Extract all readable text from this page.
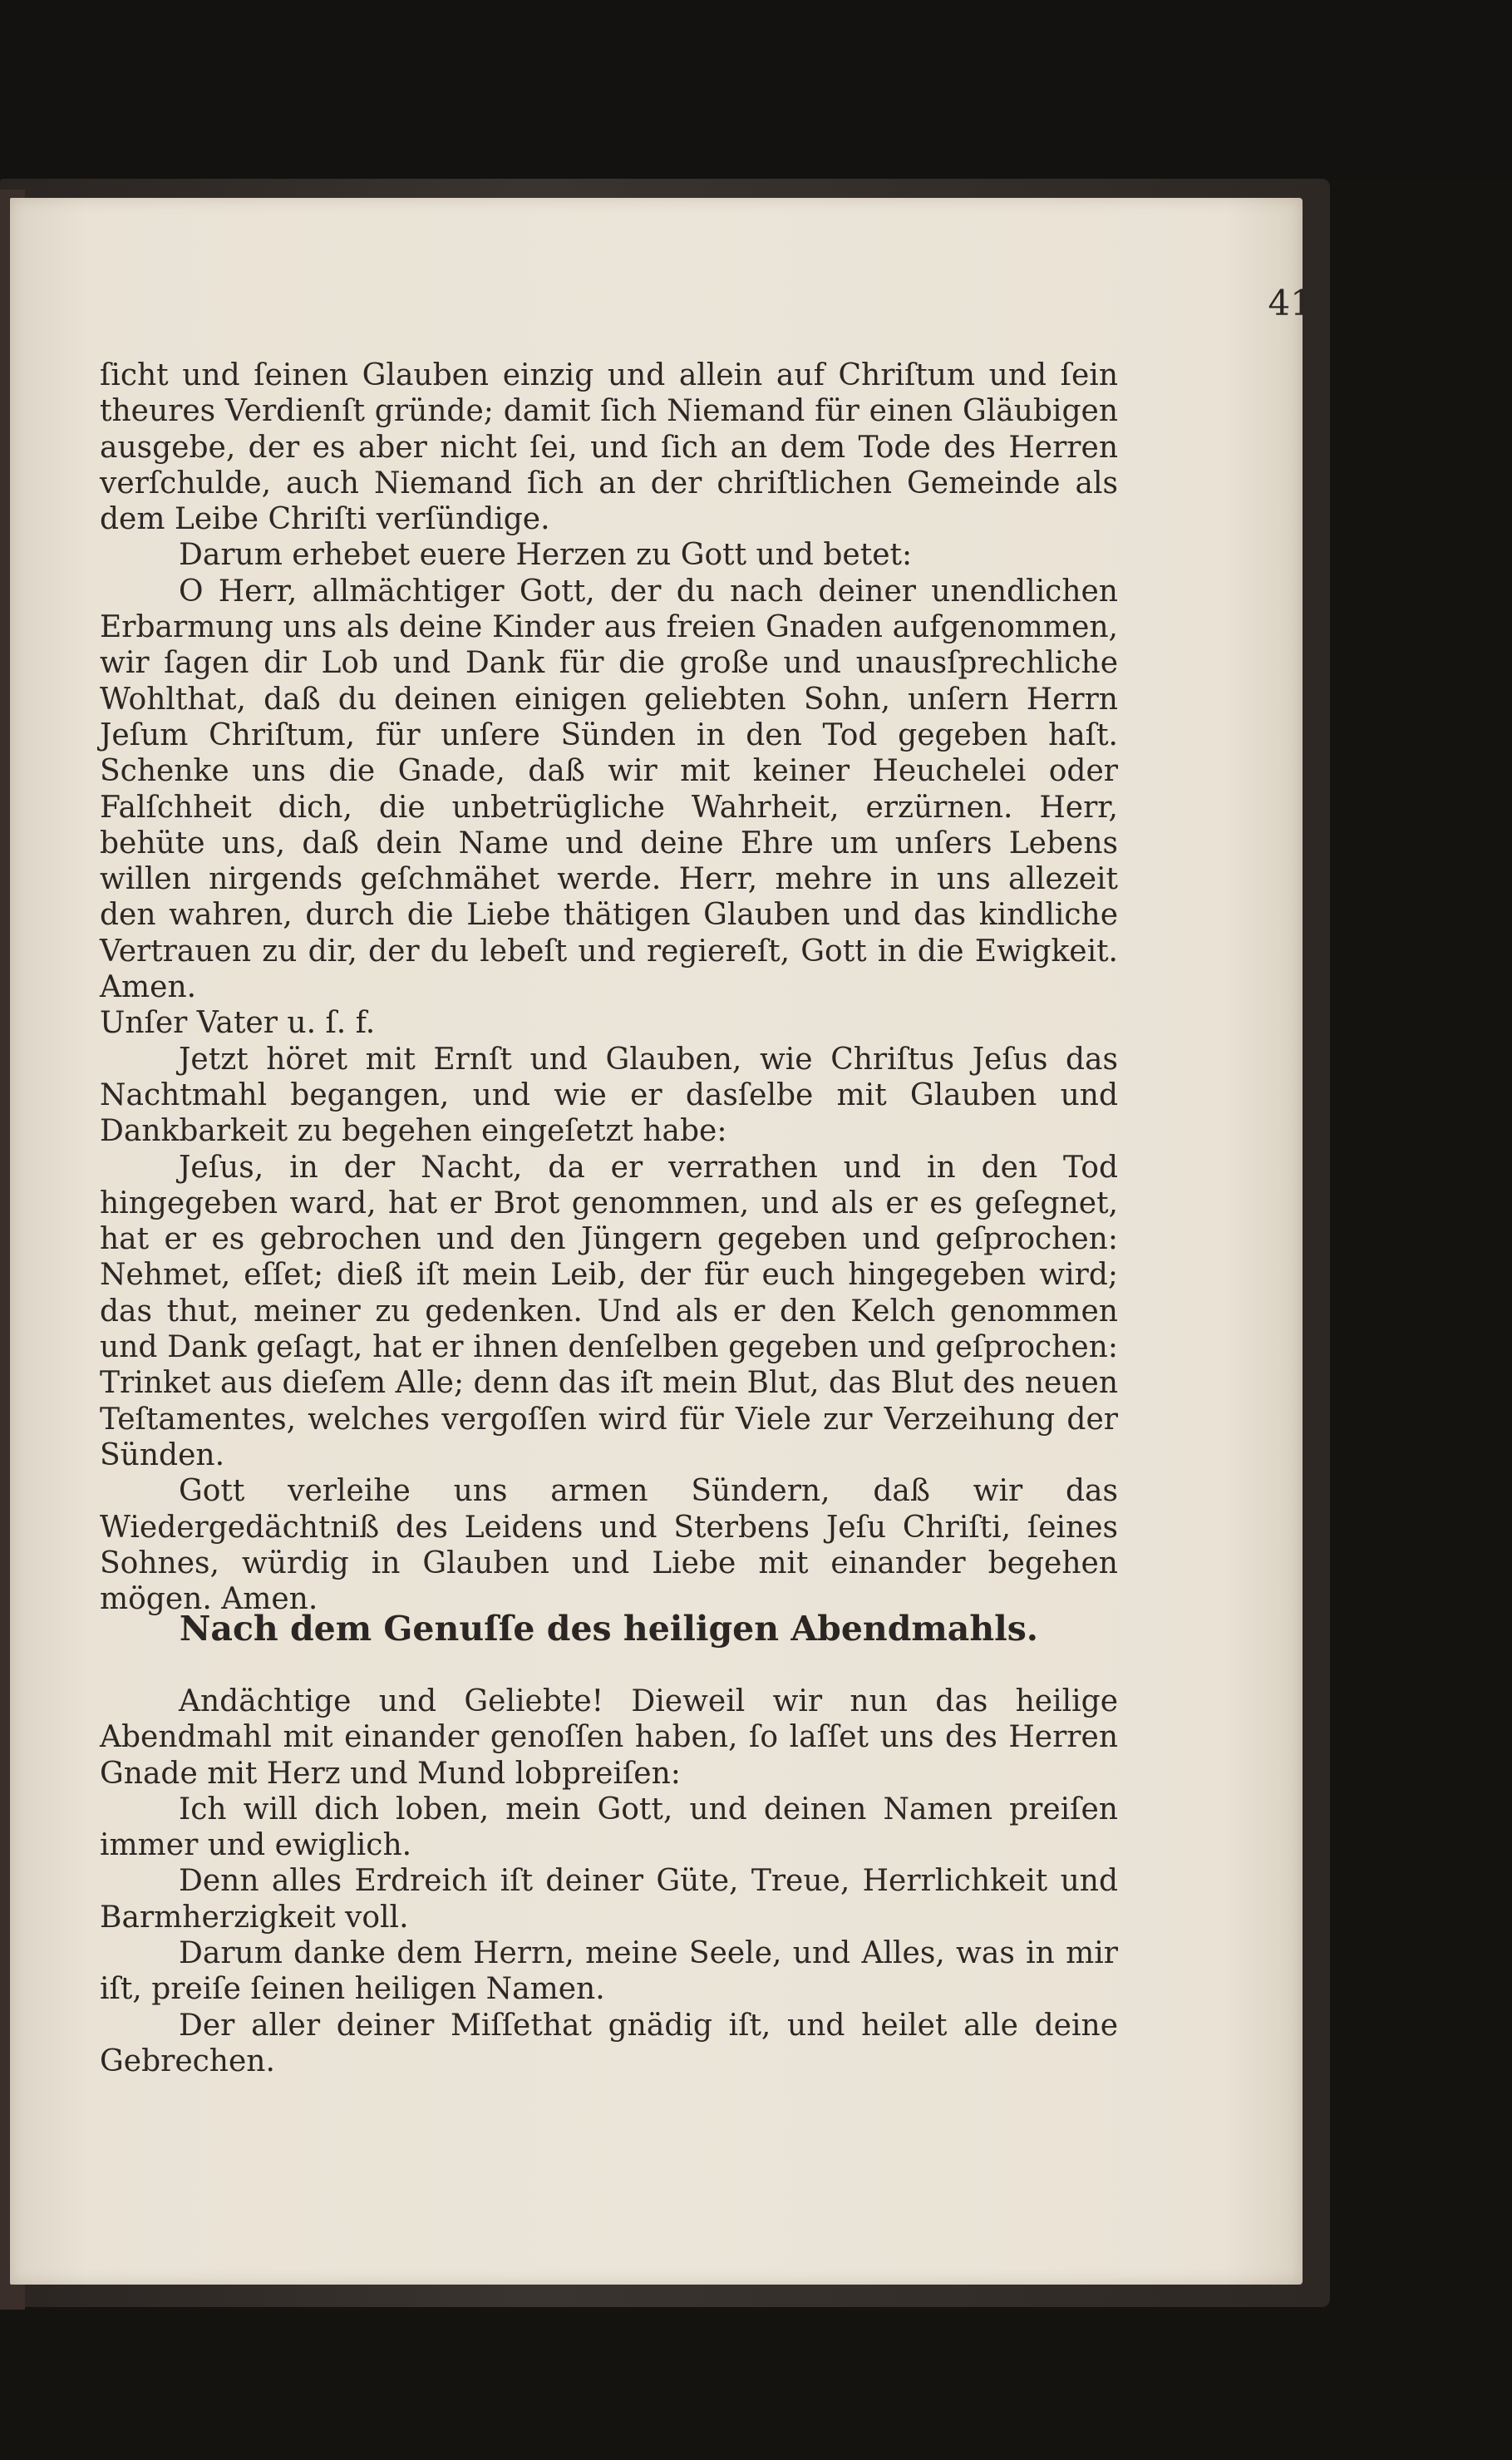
41

ſicht und ſeinen Glauben einzig und allein auf Chriſtum und ſein theures Verdienſt gründe; damit ſich Niemand für einen Gläubigen ausgebe, der es aber nicht ſei, und ſich an dem Tode des Herren verſchulde, auch Niemand ſich an der chriſtlichen Gemeinde als dem Leibe Chriſti verſündige.

Darum erhebet euere Herzen zu Gott und betet:

O Herr, allmächtiger Gott, der du nach deiner unendlichen Erbarmung uns als deine Kinder aus freien Gnaden aufgenommen, wir ſagen dir Lob und Dank für die große und unausſprechliche Wohlthat, daß du deinen einigen geliebten Sohn, unſern Herrn Jeſum Chriſtum, für unſere Sünden in den Tod gegeben haſt. Schenke uns die Gnade, daß wir mit keiner Heuchelei oder Falſchheit dich, die unbetrügliche Wahrheit, erzürnen. Herr, behüte uns, daß dein Name und deine Ehre um unſers Lebens willen nirgends geſchmähet werde. Herr, mehre in uns allezeit den wahren, durch die Liebe thätigen Glauben und das kindliche Vertrauen zu dir, der du lebeſt und regiereſt, Gott in die Ewigkeit. Amen.

Unſer Vater u. ſ. f.

Jetzt höret mit Ernſt und Glauben, wie Chriſtus Jeſus das Nachtmahl begangen, und wie er dasſelbe mit Glauben und Dankbarkeit zu begehen eingeſetzt habe:

Jeſus, in der Nacht, da er verrathen und in den Tod hingegeben ward, hat er Brot genommen, und als er es geſegnet, hat er es gebrochen und den Jüngern gegeben und geſprochen: Nehmet, eſſet; dieß iſt mein Leib, der für euch hingegeben wird; das thut, meiner zu gedenken. Und als er den Kelch genommen und Dank geſagt, hat er ihnen denſelben gegeben und geſprochen: Trinket aus dieſem Alle; denn das iſt mein Blut, das Blut des neuen Teſtamentes, welches vergoſſen wird für Viele zur Verzeihung der Sünden.

Gott verleihe uns armen Sündern, daß wir das Wiedergedächtniß des Leidens und Sterbens Jeſu Chriſti, ſeines Sohnes, würdig in Glauben und Liebe mit einander begehen mögen. Amen.

Nach dem Genuſſe des heiligen Abendmahls.

Andächtige und Geliebte! Dieweil wir nun das heilige Abendmahl mit einander genoſſen haben, ſo laſſet uns des Herren Gnade mit Herz und Mund lobpreiſen:

Ich will dich loben, mein Gott, und deinen Namen preiſen immer und ewiglich.

Denn alles Erdreich iſt deiner Güte, Treue, Herrlichkeit und Barmherzigkeit voll.

Darum danke dem Herrn, meine Seele, und Alles, was in mir iſt, preiſe ſeinen heiligen Namen.

Der aller deiner Miſſethat gnädig iſt, und heilet alle deine Gebrechen.
